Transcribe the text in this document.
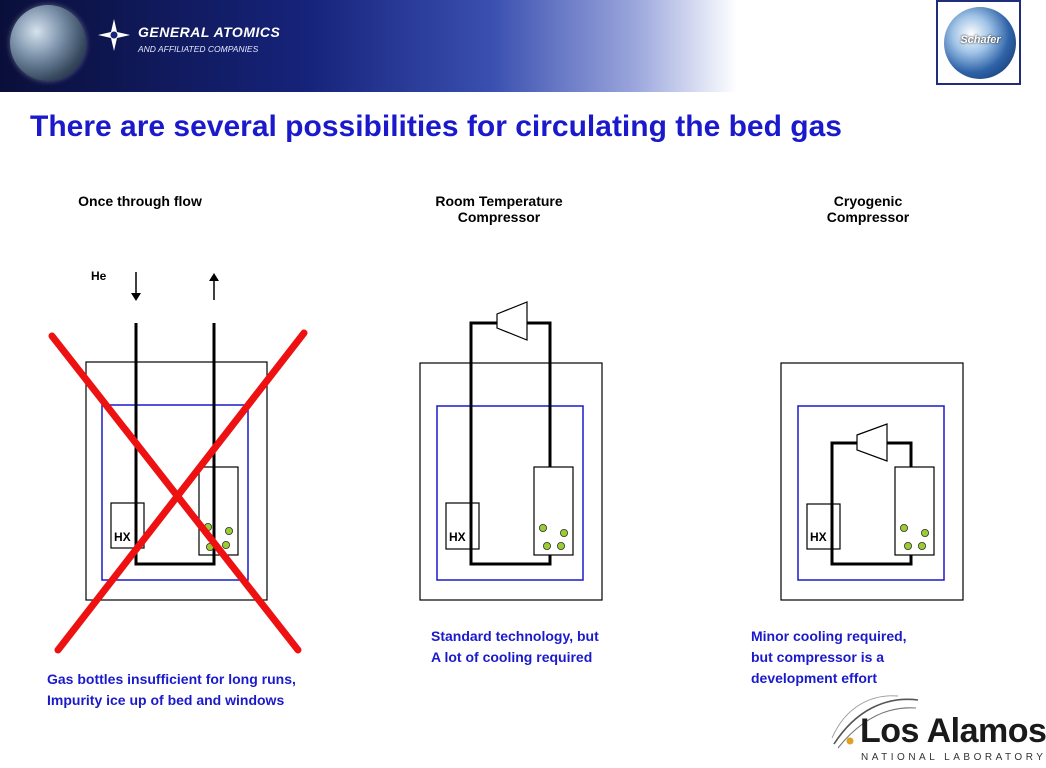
GENERAL ATOMICS
AND AFFILIATED COMPANIES
Schafer
There are several possibilities for circulating the bed gas
Once through flow	Room Temperature
Compressor
Cryogenic
Compressor
He
HX	HX	HX
Gas bottles insufficient for long runs,
Impurity ice up of bed and windows
Standard technology, but
A lot of cooling required
Minor cooling required,
but compressor is a
development effort
Los Alamos
NATIONAL LABORATORY
